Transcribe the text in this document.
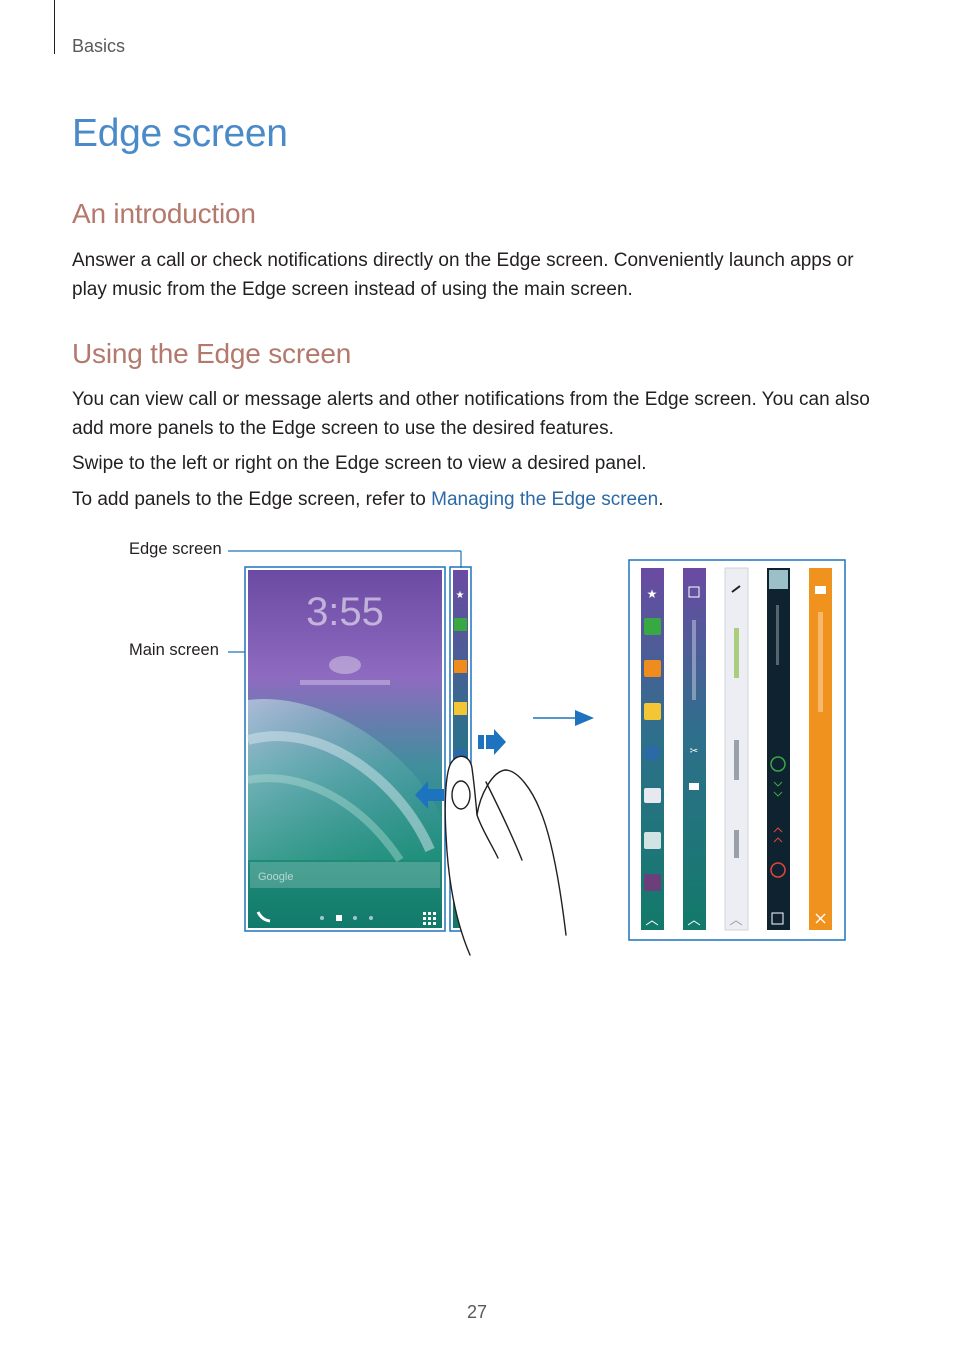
Basics
Edge screen
An introduction

Answer a call or check notifications directly on the Edge screen. Conveniently launch apps or play music from the Edge screen instead of using the main screen.

Using the Edge screen

You can view call or message alerts and other notifications from the Edge screen. You can also add more panels to the Edge screen to use the desired features.

Swipe to the left or right on the Edge screen to view a desired panel.

To add panels to the Edge screen, refer to Managing the Edge screen.

Edge screen
Main screen
3:55
Google
★	★
✂
27
